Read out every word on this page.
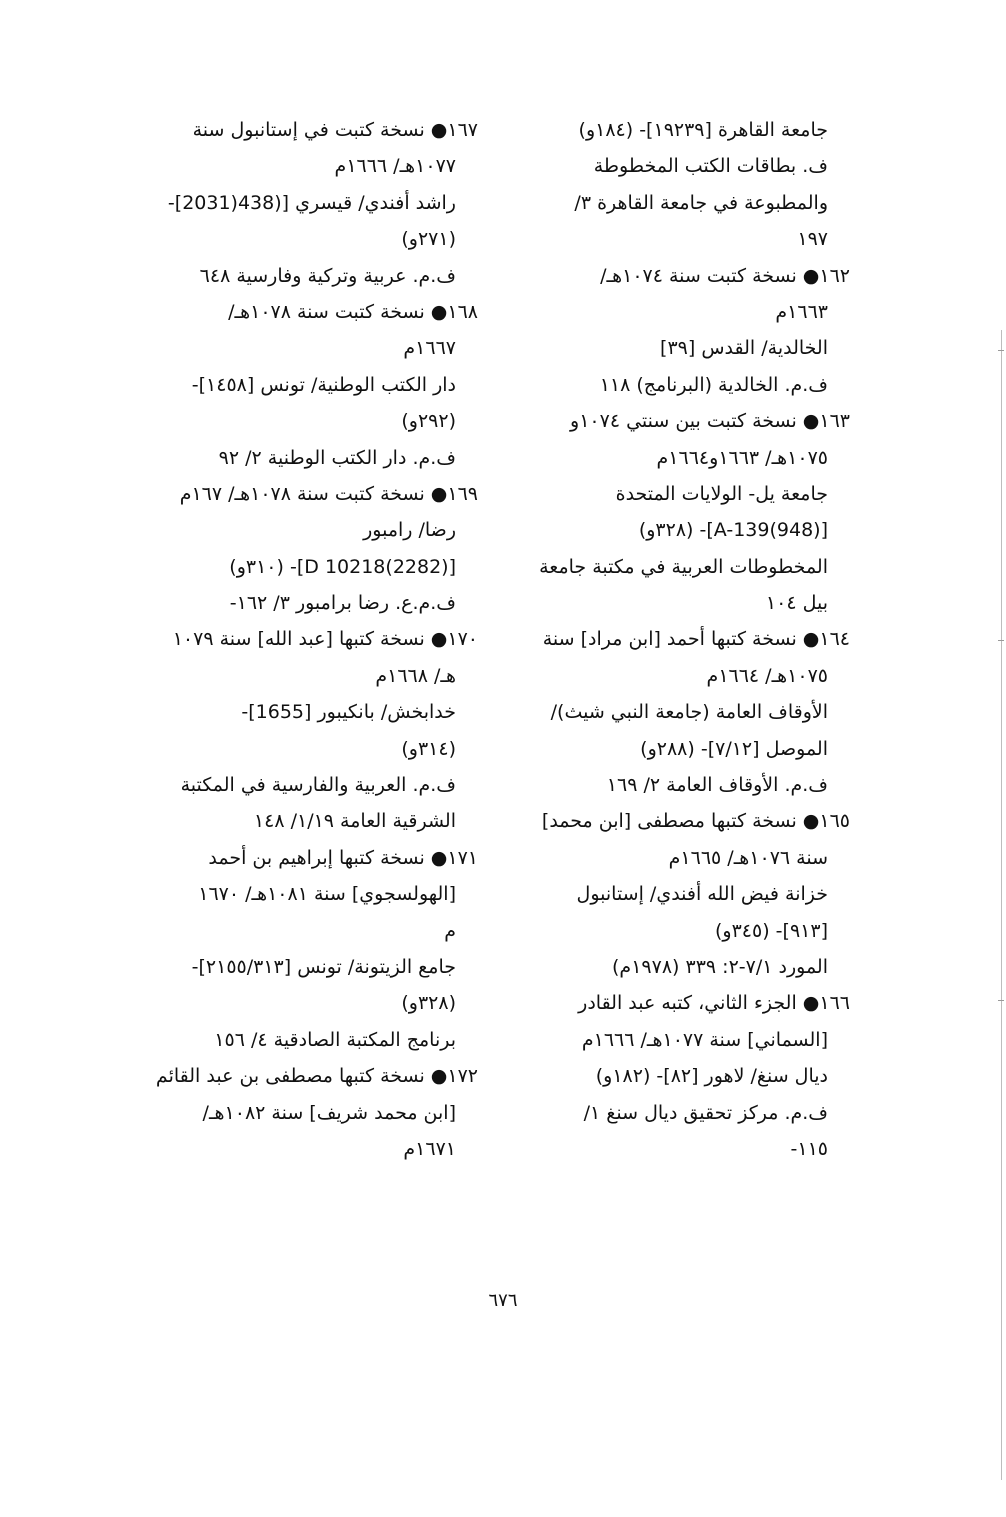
جامعة القاهرة [١٩٢٣٩]- (١٨٤و)
ف. بطاقات الكتب المخطوطة
والمطبوعة في جامعة القاهرة ٣/
١٩٧
١٦٢● نسخة كتبت سنة ١٠٧٤هـ/
١٦٦٣م
الخالدية/ القدس [٣٩]
ف.م. الخالدية (البرنامج) ١١٨
١٦٣● نسخة كتبت بين سنتي ١٠٧٤و
١٠٧٥هـ/ ١٦٦٣و١٦٦٤م
جامعة يل- الولايات المتحدة
[(948)A-139]- (٣٢٨و)
المخطوطات العربية في مكتبة جامعة
بيل ١٠٤
١٦٤● نسخة كتبها أحمد [ابن مراد] سنة
١٠٧٥هـ/ ١٦٦٤م
الأوقاف العامة (جامعة النبي شيث)/
الموصل [٧/١٢]- (٢٨٨و)
ف.م. الأوقاف العامة ٢/ ١٦٩
١٦٥● نسخة كتبها مصطفى [ابن محمد]
سنة ١٠٧٦هـ/ ١٦٦٥م
خزانة فيض الله أفندي/ إستانبول
[٩١٣]- (٣٤٥و)
المورد ٧/١-٢: ٣٣٩ (١٩٧٨م)
١٦٦● الجزء الثاني، كتبه عبد القادر
[السماني] سنة ١٠٧٧هـ/ ١٦٦٦م
ديال سنغ/ لاهور [٨٢]- (١٨٢و)
ف.م. مركز تحقيق ديال سنغ ١/
١١٥-
١٦٧● نسخة كتبت في إستانبول سنة
١٠٧٧هـ/ ١٦٦٦م
راشد أفندي/ قيسري [(438(2031]-
(٢٧١و)
ف.م. عربية وتركية وفارسية ٦٤٨
١٦٨● نسخة كتبت سنة ١٠٧٨هـ/
١٦٦٧م
دار الكتب الوطنية/ تونس [١٤٥٨]-
(٢٩٢و)
ف.م. دار الكتب الوطنية ٢/ ٩٢
١٦٩● نسخة كتبت سنة ١٠٧٨هـ/ ١٦٧م
رضا/ رامبور
[(2282)10218 D]- (٣١٠و)
ف.م.ع. رضا برامبور ٣/ ١٦٢-
١٧٠● نسخة كتبها [عبد الله] سنة ١٠٧٩
هـ/ ١٦٦٨م
خدابخش/ بانكيبور [1655]-
(٣١٤و)
ف.م. العربية والفارسية في المكتبة
الشرقية العامة ١/١٩/ ١٤٨
١٧١● نسخة كتبها إبراهيم بن أحمد
[الهولسجوي] سنة ١٠٨١هـ/ ١٦٧٠
م
جامع الزيتونة/ تونس [٢١٥٥/٣١٣]-
(٣٢٨و)
برنامج المكتبة الصادقية ٤/ ١٥٦
١٧٢● نسخة كتبها مصطفى بن عبد القائم
[ابن محمد شريف] سنة ١٠٨٢هـ/
١٦٧١م
٦٧٦
